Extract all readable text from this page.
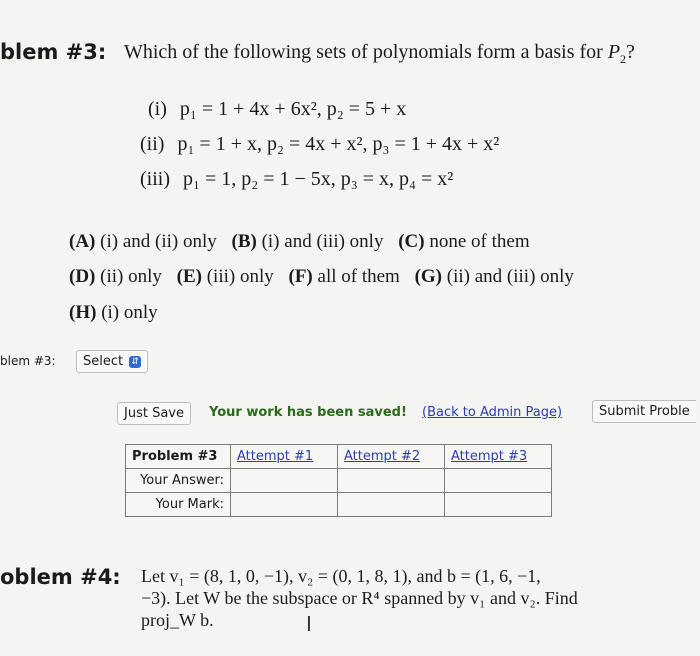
blem #3: Which of the following sets of polynomials form a basis for $P_2$?
(i) p₁ = 1 + 4x + 6x², p₂ = 5 + x
(ii) p₁ = 1 + x, p₂ = 4x + x², p₃ = 1 + 4x + x²
(iii) p₁ = 1, p₂ = 1 − 5x, p₃ = x, p₄ = x²
(A) (i) and (ii) only (B) (i) and (iii) only (C) none of them
(D) (ii) only (E) (iii) only (F) all of them (G) (ii) and (iii) only
(H) (i) only
blem #3: Select ⇵
Just Save	Your work has been saved! (Back to Admin Page)	Submit Proble
Problem #3	Attempt #1	Attempt #2	Attempt #3
Your Answer:			
Your Mark:			
oblem #4: Let v₁ = (8, 1, 0, −1), v₂ = (0, 1, 8, 1), and b = (1, 6, −1,
−3). Let W be the subspace or R⁴ spanned by v₁ and v₂. Find
proj_W b.	I
